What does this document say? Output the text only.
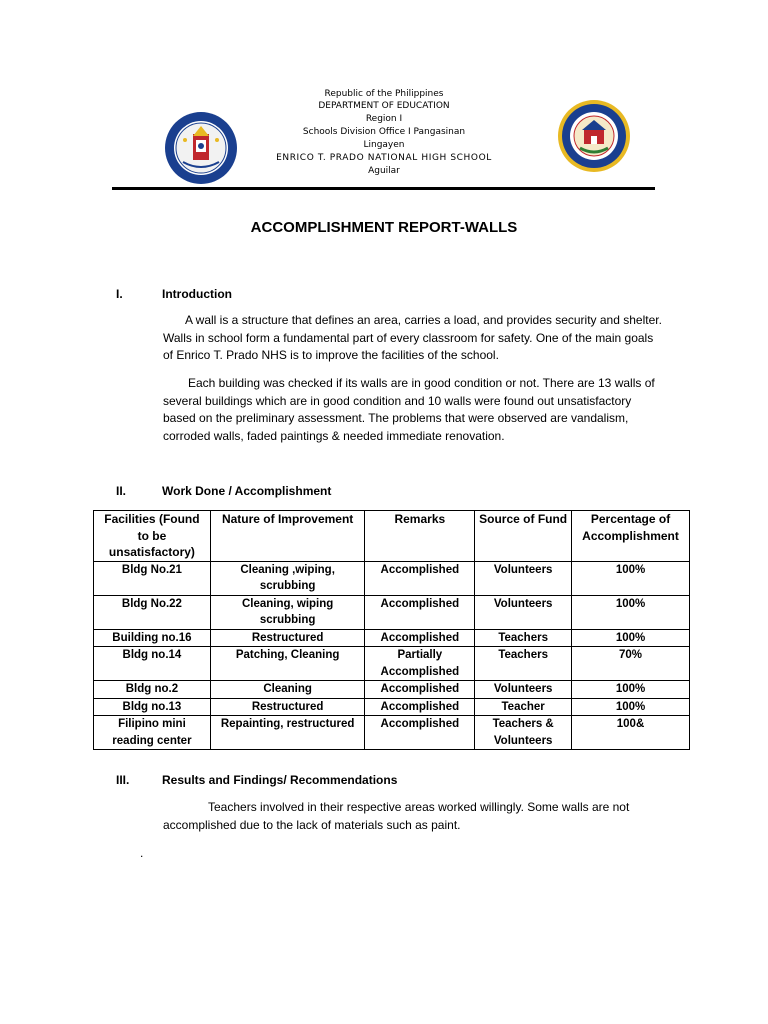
Republic of the Philippines
DEPARTMENT OF EDUCATION
Region I
Schools Division Office I Pangasinan
Lingayen
ENRICO T. PRADO NATIONAL HIGH SCHOOL
Aguilar
ACCOMPLISHMENT REPORT-WALLS
I.	Introduction
A wall is a structure that defines an area, carries a load, and provides security and shelter. Walls in school form a fundamental part of every classroom for safety. One of the main goals of Enrico T. Prado NHS is to improve the facilities of the school.
Each building was checked if its walls are in good condition or not. There are 13 walls of several buildings which are in good condition and 10 walls were found out unsatisfactory based on the preliminary assessment. The problems that were observed are vandalism, corroded walls, faded paintings & needed immediate renovation.
II.	Work Done / Accomplishment
Facilities (Found to be unsatisfactory)	Nature of Improvement	Remarks	Source of Fund	Percentage of Accomplishment
Bldg No.21	Cleaning ,wiping, scrubbing	Accomplished	Volunteers	100%
Bldg No.22	Cleaning, wiping scrubbing	Accomplished	Volunteers	100%
Building no.16	Restructured	Accomplished	Teachers	100%
Bldg no.14	Patching, Cleaning	Partially Accomplished	Teachers	70%
Bldg no.2	Cleaning	Accomplished	Volunteers	100%
Bldg no.13	Restructured	Accomplished	Teacher	100%
Filipino mini reading center	Repainting, restructured	Accomplished	Teachers & Volunteers	100&
III.	Results and Findings/ Recommendations
Teachers involved in their respective areas worked willingly. Some walls are not accomplished due to the lack of materials such as paint.
.
